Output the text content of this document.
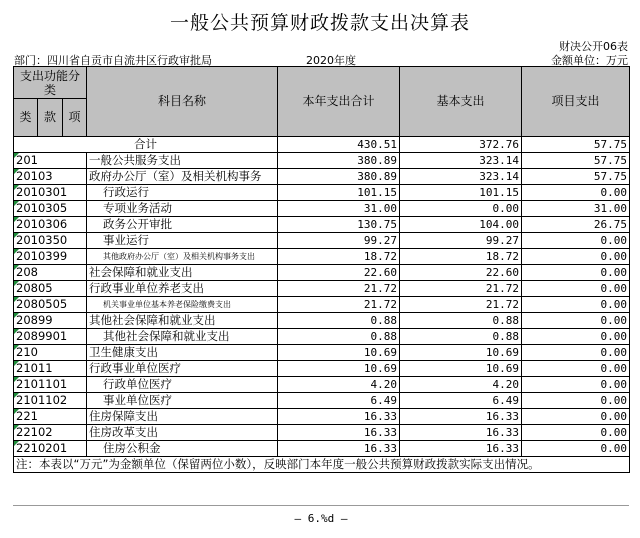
一般公共预算财政拨款支出决算表
财决公开06表
部门：四川省自贡市自流井区行政审批局	2020年度	金额单位：万元
支出功能分类			科目名称	本年支出合计	基本支出	项目支出
类	款	项				
合计				430.51	372.76	57.75
201			一般公共服务支出	380.89	323.14	57.75
20103			政府办公厅（室）及相关机构事务	380.89	323.14	57.75
2010301			行政运行	101.15	101.15	0.00
2010305			专项业务活动	31.00	0.00	31.00
2010306			政务公开审批	130.75	104.00	26.75
2010350			事业运行	99.27	99.27	0.00
2010399			其他政府办公厅（室）及相关机构事务支出	18.72	18.72	0.00
208			社会保障和就业支出	22.60	22.60	0.00
20805			行政事业单位养老支出	21.72	21.72	0.00
2080505			机关事业单位基本养老保险缴费支出	21.72	21.72	0.00
20899			其他社会保障和就业支出	0.88	0.88	0.00
2089901			其他社会保障和就业支出	0.88	0.88	0.00
210			卫生健康支出	10.69	10.69	0.00
21011			行政事业单位医疗	10.69	10.69	0.00
2101101			行政单位医疗	4.20	4.20	0.00
2101102			事业单位医疗	6.49	6.49	0.00
221			住房保障支出	16.33	16.33	0.00
22102			住房改革支出	16.33	16.33	0.00
2210201			住房公积金	16.33	16.33	0.00
注：本表以“万元”为金额单位（保留两位小数），反映部门本年度一般公共预算财政拨款实际支出情况。						
— 6.%d —
